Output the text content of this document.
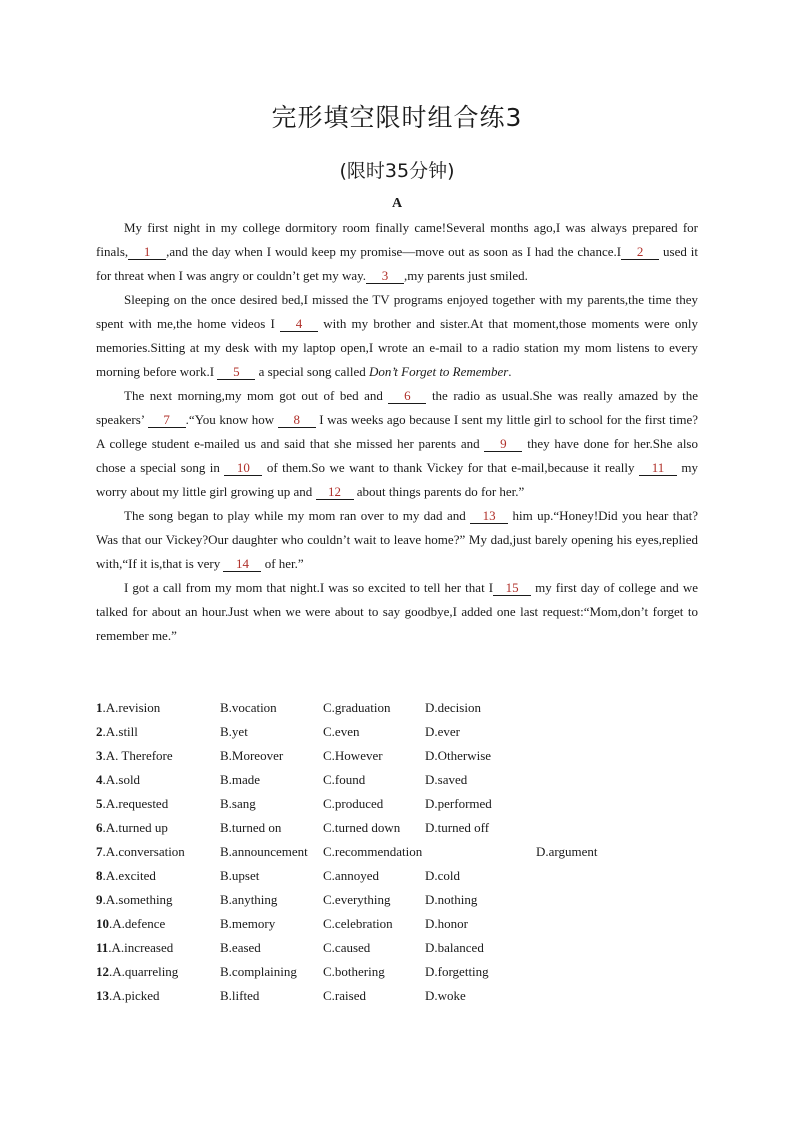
完形填空限时组合练3
(限时35分钟)
A

My first night in my college dormitory room finally came!Several months ago,I was always prepared for finals, 1 ,and the day when I would keep my promise—move out as soon as I had the chance.I 2 used it for threat when I was angry or couldn’t get my way. 3 ,my parents just smiled.

Sleeping on the once desired bed,I missed the TV programs enjoyed together with my parents,the time they spent with me,the home videos I 4 with my brother and sister.At that moment,those moments were only memories.Sitting at my desk with my laptop open,I wrote an e-mail to a radio station my mom listens to every morning before work.I 5 a special song called Don’t Forget to Remember.

The next morning,my mom got out of bed and 6 the radio as usual.She was really amazed by the speakers’ 7 .“You know how 8 I was weeks ago because I sent my little girl to school for the first time?A college student e-mailed us and said that she missed her parents and 9 they have done for her.She also chose a special song in 10 of them.So we want to thank Vickey for that e-mail,because it really 11 my worry about my little girl growing up and 12 about things parents do for her.”

The song began to play while my mom ran over to my dad and 13 him up.“Honey!Did you hear that?Was that our Vickey?Our daughter who couldn’t wait to leave home?” My dad,just barely opening his eyes,replied with,“If it is,that is very 14 of her.”

I got a call from my mom that night.I was so excited to tell her that I 15 my first day of college and we talked for about an hour.Just when we were about to say goodbye,I added one last request:“Mom,don’t forget to remember me.”

1.A.revision	B.vocation	C.graduation	D.decision
2.A.still	B.yet	C.even	D.ever
3.A. Therefore	B.Moreover	C.However	D.Otherwise
4.A.sold	B.made	C.found	D.saved
5.A.requested	B.sang	C.produced	D.performed
6.A.turned up	B.turned on	C.turned down D.turned off
7.A.conversation	B.announcement C.recommendation	D.argument
8.A.excited	B.upset	C.annoyed	D.cold
9.A.something	B.anything	C.everything	D.nothing
10.A.defence	B.memory	C.celebration D.honor
11.A.increased	B.eased	C.caused	D.balanced
12.A.quarreling	B.complaining C.bothering	D.forgetting
13.A.picked	B.lifted	C.raised	D.woke
